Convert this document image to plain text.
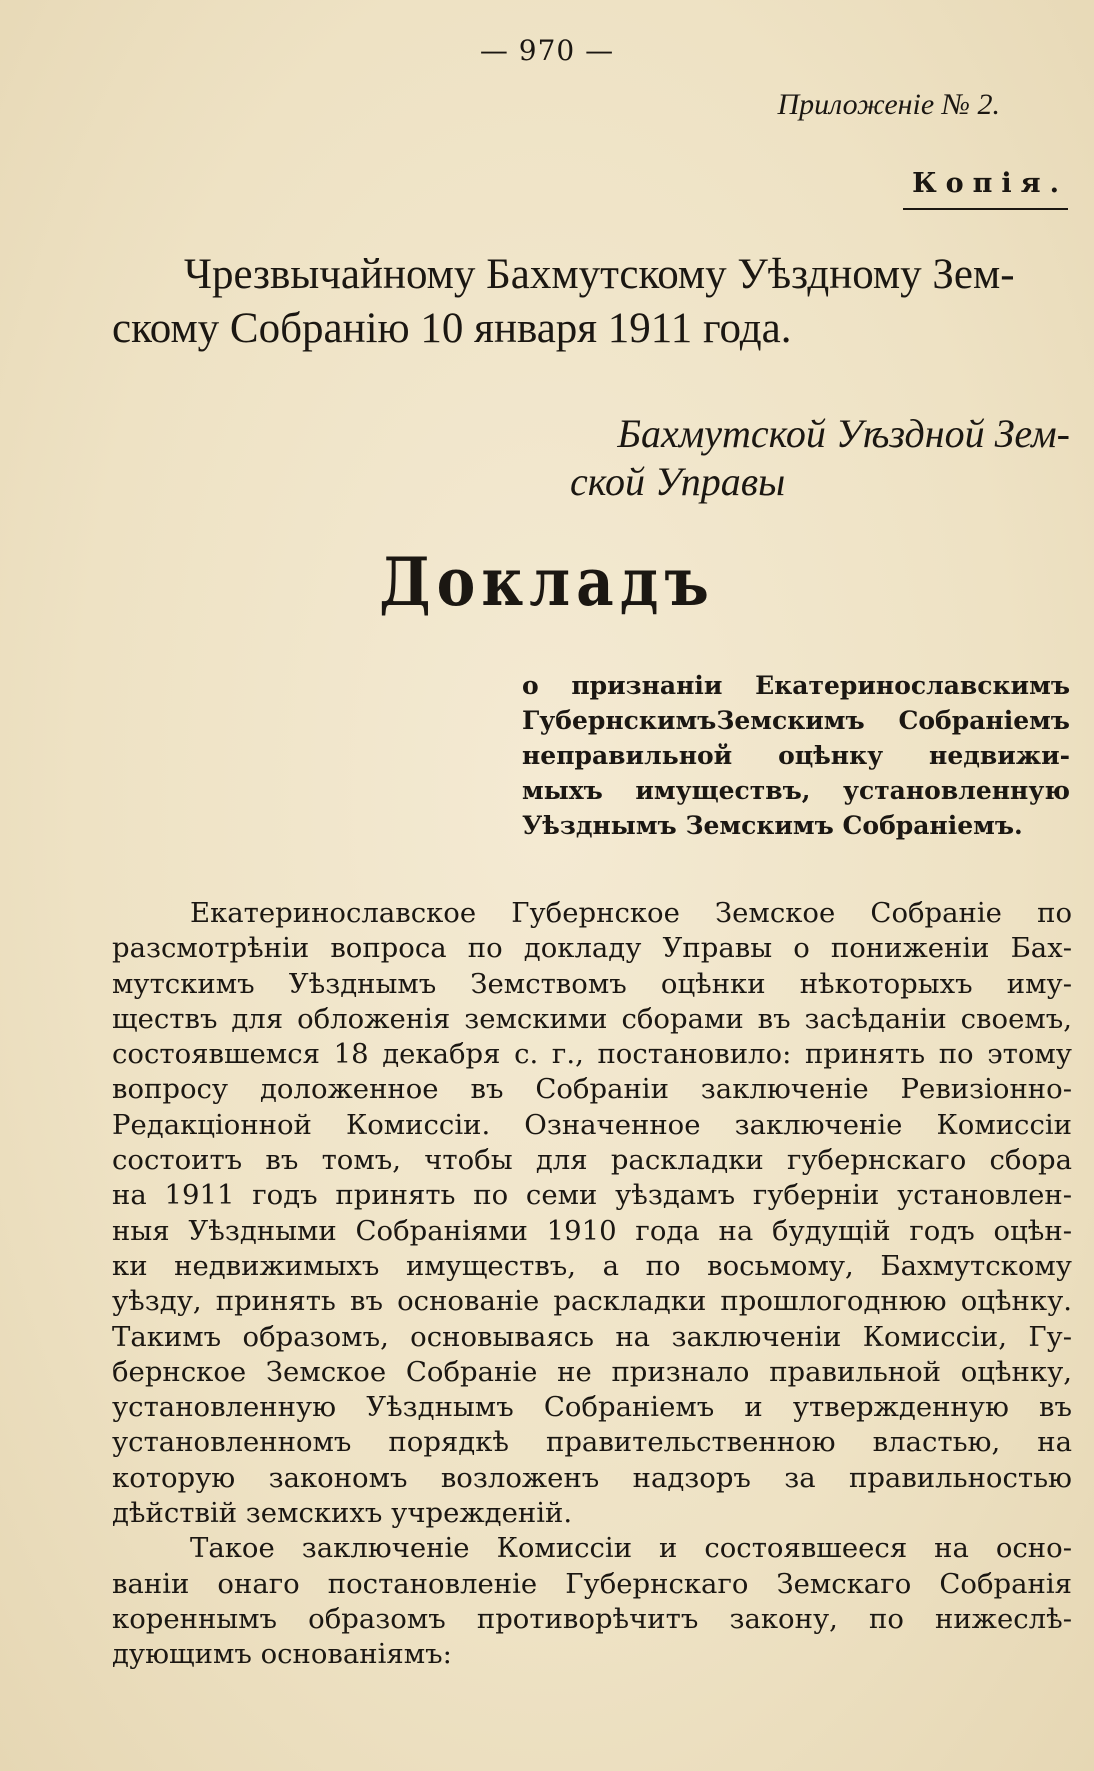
— 970 —
Приложеніе № 2.
Копія.
Чрезвычайному Бахмутскому Уѣздному Зем-
скому Собранію 10 января 1911 года.
Бахмутской Уѣздной Зем-
ской Управы
Докладъ
о признаніи Екатеринославскимъ
ГубернскимъЗемскимъ Собраніемъ
неправильной оцѣнку недвижи-
мыхъ имуществъ, установленную
Уѣзднымъ Земскимъ Собраніемъ.
Екатеринославское Губернское Земское Собраніе по
разсмотрѣніи вопроса по докладу Управы о пониженіи Бах-
мутскимъ Уѣзднымъ Земствомъ оцѣнки нѣкоторыхъ иму-
ществъ для обложенія земскими сборами въ засѣданіи своемъ,
состоявшемся 18 декабря с. г., постановило: принять по этому
вопросу доложенное въ Собраніи заключеніе Ревизіонно-
Редакціонной Комиссіи. Означенное заключеніе Комиссіи
состоитъ въ томъ, чтобы для раскладки губернскаго сбора
на 1911 годъ принять по семи уѣздамъ губерніи установлен-
ныя Уѣздными Собраніями 1910 года на будущій годъ оцѣн-
ки недвижимыхъ имуществъ, а по восьмому, Бахмутскому
уѣзду, принять въ основаніе раскладки прошлогоднюю оцѣнку.
Такимъ образомъ, основываясь на заключеніи Комиссіи, Гу-
бернское Земское Собраніе не признало правильной оцѣнку,
установленную Уѣзднымъ Собраніемъ и утвержденную въ
установленномъ порядкѣ правительственною властью, на
которую закономъ возложенъ надзоръ за правильностью
дѣйствій земскихъ учрежденій.
Такое заключеніе Комиссіи и состоявшееся на осно-
ваніи онаго постановленіе Губернскаго Земскаго Собранія
кореннымъ образомъ противорѣчитъ закону, по нижеслѣ-
дующимъ основаніямъ:
